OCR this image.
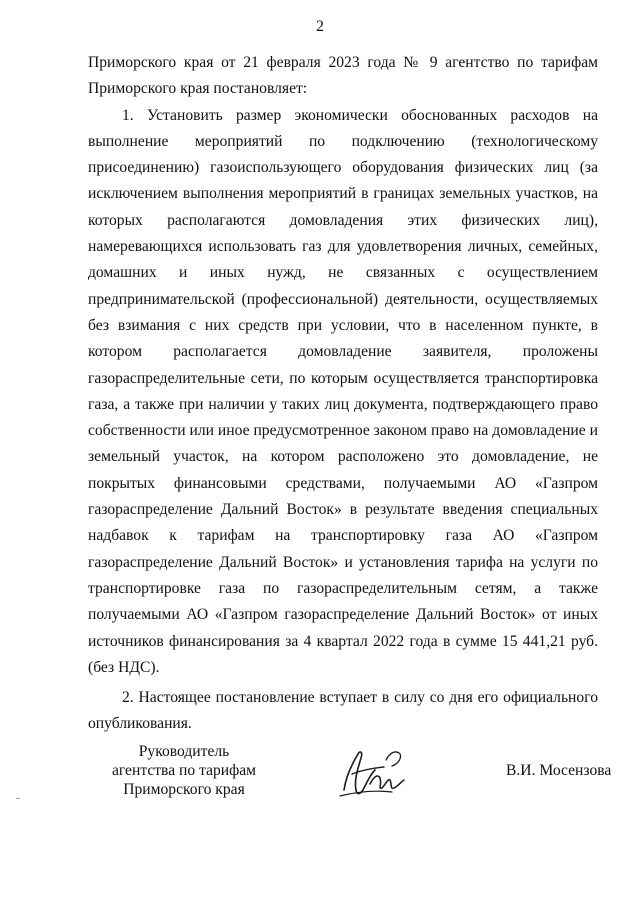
2

Приморского края от 21 февраля 2023 года № 9 агентство по тарифам Приморского края постановляет:

1. Установить размер экономически обоснованных расходов на выполнение мероприятий по подключению (технологическому присоединению) газоиспользующего оборудования физических лиц (за исключением выполнения мероприятий в границах земельных участков, на которых располагаются домовладения этих физических лиц), намеревающихся использовать газ для удовлетворения личных, семейных, домашних и иных нужд, не связанных с осуществлением предпринимательской (профессиональной) деятельности, осуществляемых без взимания с них средств при условии, что в населенном пункте, в котором располагается домовладение заявителя, проложены газораспределительные сети, по которым осуществляется транспортировка газа, а также при наличии у таких лиц документа, подтверждающего право собственности или иное предусмотренное законом право на домовладение и земельный участок, на котором расположено это домовладение, не покрытых финансовыми средствами, получаемыми АО «Газпром газораспределение Дальний Восток» в результате введения специальных надбавок к тарифам на транспортировку газа АО «Газпром газораспределение Дальний Восток» и установления тарифа на услуги по транспортировке газа по газораспределительным сетям, а также получаемыми АО «Газпром газораспределение Дальний Восток» от иных источников финансирования за 4 квартал 2022 года в сумме 15 441,21 руб. (без НДС).

2. Настоящее постановление вступает в силу со дня его официального опубликования.

Руководитель
агентства по тарифам
Приморского края
В.И. Мосензова
